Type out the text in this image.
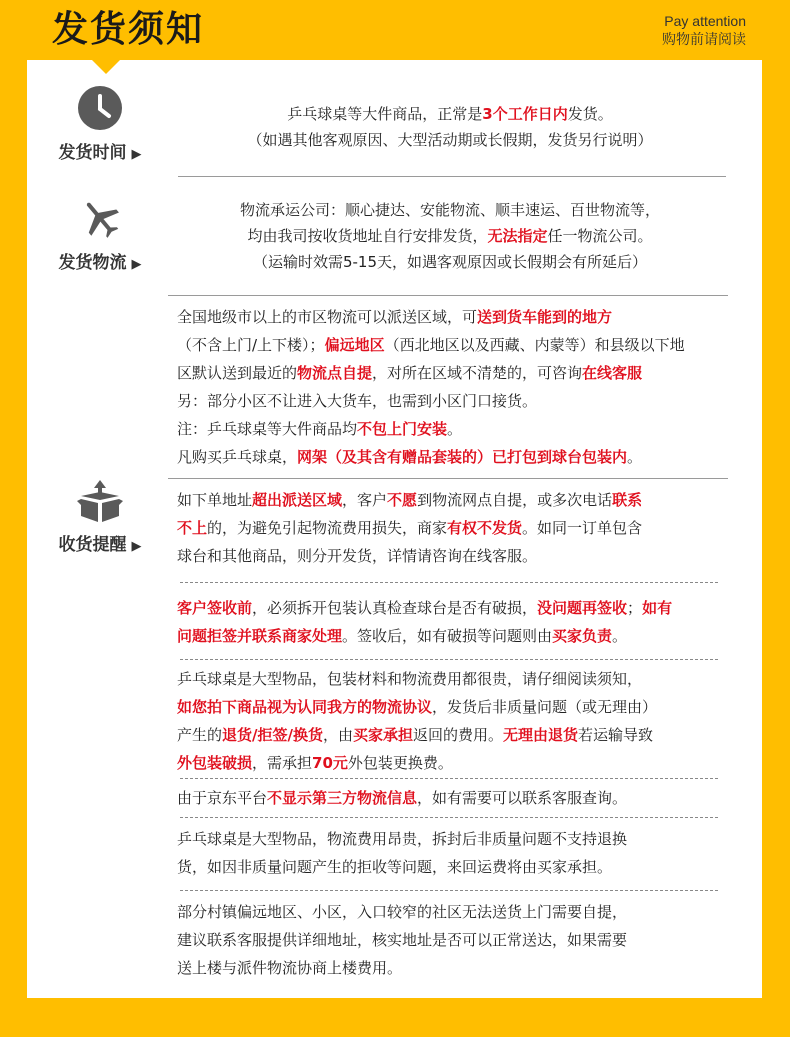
发货须知	Pay attention
购物前请阅读
发货时间 ▶
乒乓球桌等大件商品，正常是3个工作日内发货。
（如遇其他客观原因、大型活动期或长假期，发货另行说明）
发货物流 ▶
物流承运公司：顺心捷达、安能物流、顺丰速运、百世物流等，
均由我司按收货地址自行安排发货，无法指定任一物流公司。
（运输时效需5-15天，如遇客观原因或长假期会有所延后）
收货提醒 ▶
全国地级市以上的市区物流可以派送区域，可送到货车能到的地方
（不含上门/上下楼）；偏远地区（西北地区以及西藏、内蒙等）和县级以下地
区默认送到最近的物流点自提，对所在区域不清楚的，可咨询在线客服
另：部分小区不让进入大货车，也需到小区门口接货。
注：乒乓球桌等大件商品均不包上门安装。
凡购买乒乓球桌，网架（及其含有赠品套装的）已打包到球台包装内。
如下单地址超出派送区域，客户不愿到物流网点自提，或多次电话联系
不上的，为避免引起物流费用损失，商家有权不发货。如同一订单包含
球台和其他商品，则分开发货，详情请咨询在线客服。
客户签收前，必须拆开包装认真检查球台是否有破损，没问题再签收；如有
问题拒签并联系商家处理。签收后，如有破损等问题则由买家负责。
乒乓球桌是大型物品，包装材料和物流费用都很贵，请仔细阅读须知，
如您拍下商品视为认同我方的物流协议，发货后非质量问题（或无理由）
产生的退货/拒签/换货，由买家承担返回的费用。无理由退货若运输导致
外包装破损，需承担70元外包装更换费。
由于京东平台不显示第三方物流信息，如有需要可以联系客服查询。
乒乓球桌是大型物品，物流费用昂贵，拆封后非质量问题不支持退换
货，如因非质量问题产生的拒收等问题，来回运费将由买家承担。
部分村镇偏远地区、小区，入口较窄的社区无法送货上门需要自提，
建议联系客服提供详细地址，核实地址是否可以正常送达，如果需要
送上楼与派件物流协商上楼费用。
